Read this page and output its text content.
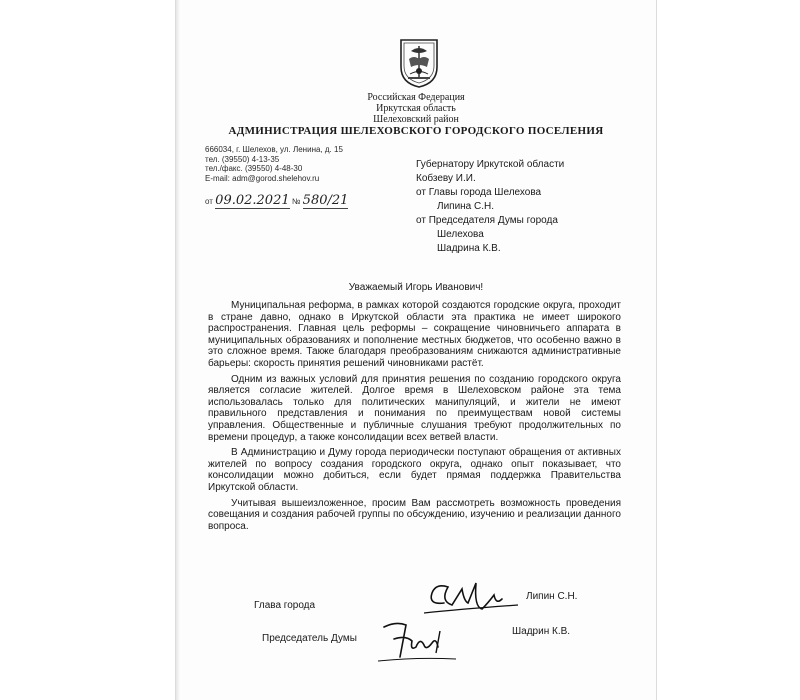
Российская Федерация
Иркутская область
Шелеховский район
АДМИНИСТРАЦИЯ ШЕЛЕХОВСКОГО ГОРОДСКОГО ПОСЕЛЕНИЯ
666034, г. Шелехов, ул. Ленина, д. 15
тел. (39550) 4-13-35
тел./факс. (39550) 4-48-30
E-mail: adm@gorod.shelehov.ru
от 09.02.2021 № 580/21
Губернатору Иркутской области
Кобзеву И.И.
от Главы города Шелехова
Липина С.Н.
от Председателя Думы города
Шелехова
Шадрина К.В.
Уважаемый Игорь Иванович!

Муниципальная реформа, в рамках которой создаются городские округа, проходит в стране давно, однако в Иркутской области эта практика не имеет широкого распространения. Главная цель реформы – сокращение чиновничьего аппарата в муниципальных образованиях и пополнение местных бюджетов, что особенно важно в это сложное время. Также благодаря преобразованиям снижаются административные барьеры: скорость принятия решений чиновниками растёт.

Одним из важных условий для принятия решения по созданию городского округа является согласие жителей. Долгое время в Шелеховском районе эта тема использовалась только для политических манипуляций, и жители не имеют правильного представления и понимания по преимуществам новой системы управления. Общественные и публичные слушания требуют продолжительных по времени процедур, а также консолидации всех ветвей власти.

В Администрацию и Думу города периодически поступают обращения от активных жителей по вопросу создания городского округа, однако опыт показывает, что консолидации можно добиться, если будет прямая поддержка Правительства Иркутской области.

Учитывая вышеизложенное, просим Вам рассмотреть возможность проведения совещания и создания рабочей группы по обсуждению, изучению и реализации данного вопроса.

Глава города
Липин С.Н.
Председатель Думы
Шадрин К.В.
